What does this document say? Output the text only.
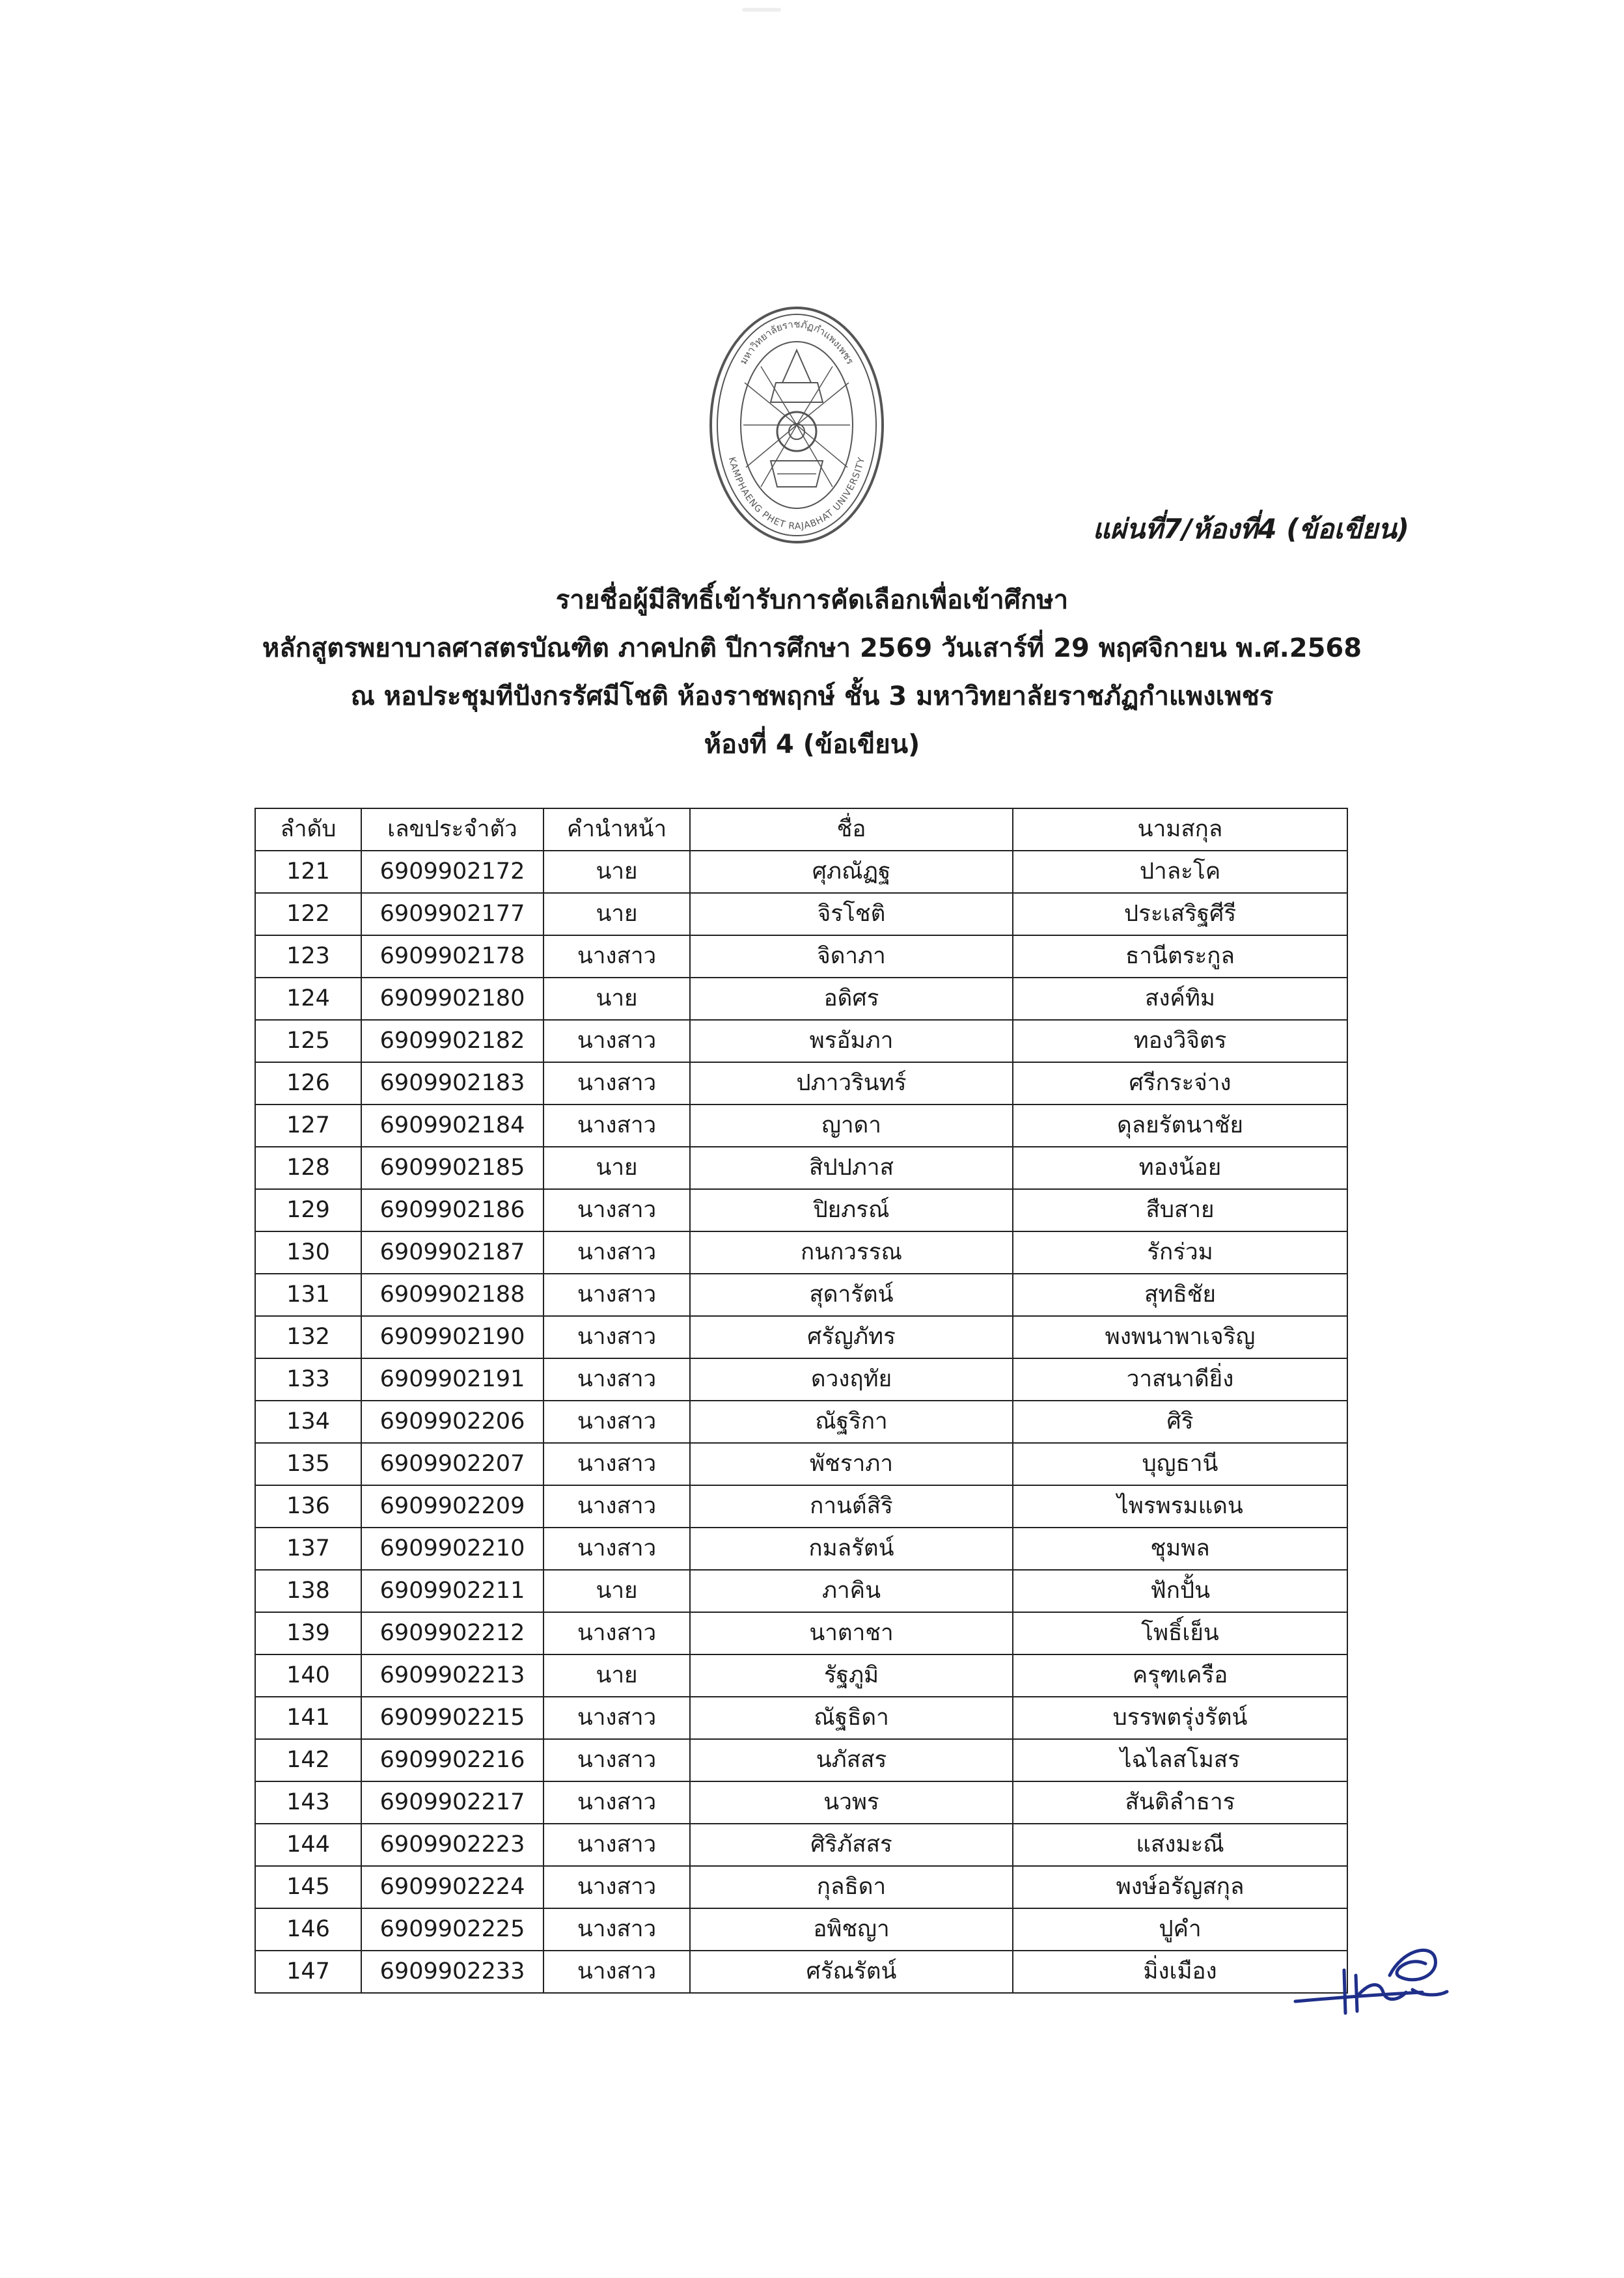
มหาวิทยาลัยราชภัฏกำแพงเพชร
KAMPHAENG PHET RAJABHAT UNIVERSITY
แผ่นที่7/ห้องที่4 (ข้อเขียน)
รายชื่อผู้มีสิทธิ์เข้ารับการคัดเลือกเพื่อเข้าศึกษา
หลักสูตรพยาบาลศาสตรบัณฑิต ภาคปกติ ปีการศึกษา 2569 วันเสาร์ที่ 29 พฤศจิกายน พ.ศ.2568
ณ หอประชุมทีปังกรรัศมีโชติ ห้องราชพฤกษ์ ชั้น 3 มหาวิทยาลัยราชภัฏกำแพงเพชร
ห้องที่ 4 (ข้อเขียน)
ลำดับ	เลขประจำตัว	คำนำหน้า	ชื่อ	นามสกุล
121	6909902172	นาย	ศุภณัฏฐ	ปาละโค
122	6909902177	นาย	จิรโชติ	ประเสริฐศีรี
123	6909902178	นางสาว	จิดาภา	ธานีตระกูล
124	6909902180	นาย	อดิศร	สงค์ทิม
125	6909902182	นางสาว	พรอัมภา	ทองวิจิตร
126	6909902183	นางสาว	ปภาวรินทร์	ศรีกระจ่าง
127	6909902184	นางสาว	ญาดา	ดุลยรัตนาชัย
128	6909902185	นาย	สิปปภาส	ทองน้อย
129	6909902186	นางสาว	ปิยภรณ์	สืบสาย
130	6909902187	นางสาว	กนกวรรณ	รักร่วม
131	6909902188	นางสาว	สุดารัตน์	สุทธิชัย
132	6909902190	นางสาว	ศรัญภัทร	พงพนาพาเจริญ
133	6909902191	นางสาว	ดวงฤทัย	วาสนาดียิ่ง
134	6909902206	นางสาว	ณัฐริกา	ศิริ
135	6909902207	นางสาว	พัชราภา	บุญธานี
136	6909902209	นางสาว	กานต์สิริ	ไพรพรมแดน
137	6909902210	นางสาว	กมลรัตน์	ชุมพล
138	6909902211	นาย	ภาคิน	ฟักปั้น
139	6909902212	นางสาว	นาตาชา	โพธิ์เย็น
140	6909902213	นาย	รัฐภูมิ	ครุฑเครือ
141	6909902215	นางสาว	ณัฐธิดา	บรรพตรุ่งรัตน์
142	6909902216	นางสาว	นภัสสร	ไฉไลสโมสร
143	6909902217	นางสาว	นวพร	สันติลำธาร
144	6909902223	นางสาว	ศิริภัสสร	แสงมะณี
145	6909902224	นางสาว	กุลธิดา	พงษ์อรัญสกุล
146	6909902225	นางสาว	อพิชญา	ปูคำ
147	6909902233	นางสาว	ศรัณรัตน์	มิ่งเมือง
